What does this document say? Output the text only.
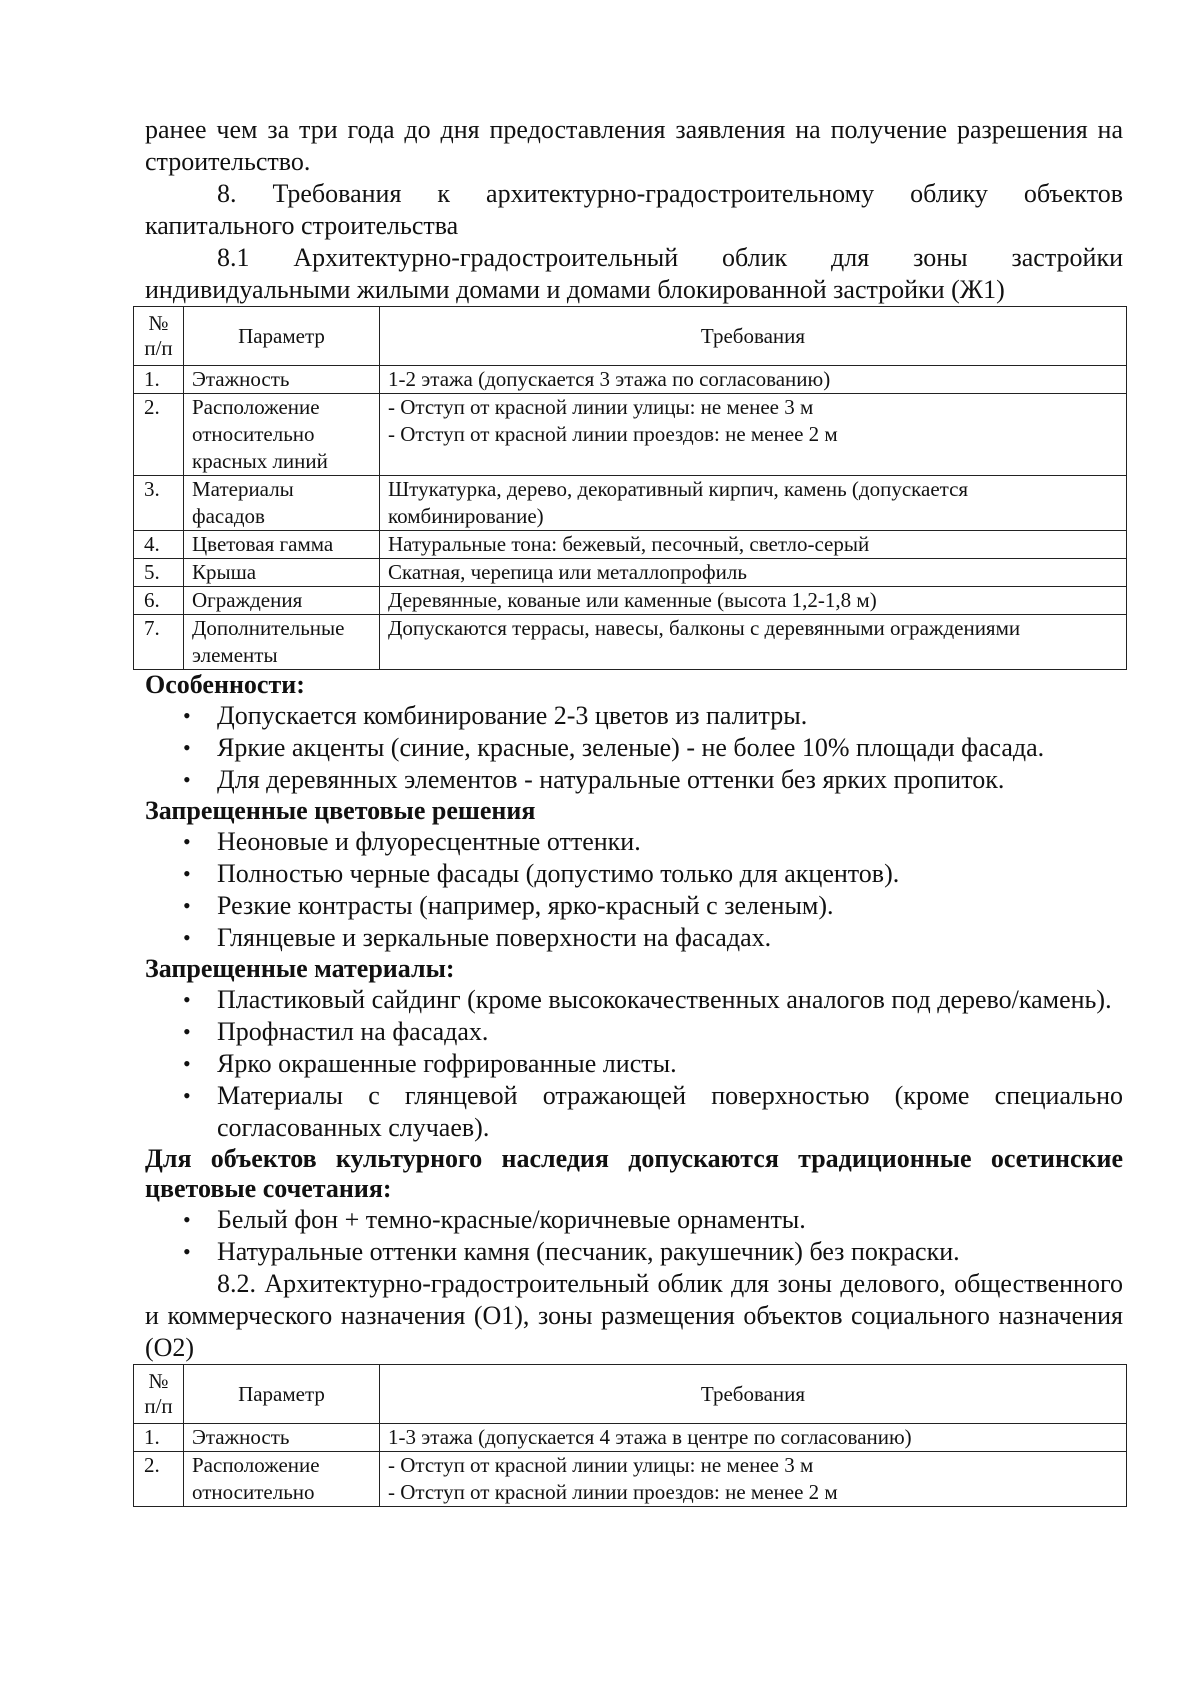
ранее чем за три года до дня предоставления заявления на получение разрешения на строительство.

8. Требования к архитектурно-градостроительному облику объектов капитального строительства

8.1 Архитектурно-градостроительный облик для зоны застройки индивидуальными жилыми домами и домами блокированной застройки (Ж1)

№ п/п	Параметр	Требования
1.	Этажность	1-2 этажа (допускается 3 этажа по согласованию)
2.	Расположение относительно красных линий	- Отступ от красной линии улицы: не менее 3 м
- Отступ от красной линии проездов: не менее 2 м

3.	Материалы фасадов	Штукатурка, дерево, декоративный кирпич, камень (допускается комбинирование)
4.	Цветовая гамма	Натуральные тона: бежевый, песочный, светло-серый
5.	Крыша	Скатная, черепица или металлопрофиль
6.	Ограждения	Деревянные, кованые или каменные (высота 1,2-1,8 м)
7.	Дополнительные элементы	Допускаются террасы, навесы, балконы с деревянными ограждениями
Особенности:
• Допускается комбинирование 2-3 цветов из палитры.
• Яркие акценты (синие, красные, зеленые) - не более 10% площади фасада.
• Для деревянных элементов - натуральные оттенки без ярких пропиток.
Запрещенные цветовые решения
• Неоновые и флуоресцентные оттенки.
• Полностью черные фасады (допустимо только для акцентов).
• Резкие контрасты (например, ярко-красный с зеленым).
• Глянцевые и зеркальные поверхности на фасадах.
Запрещенные материалы:
• Пластиковый сайдинг (кроме высококачественных аналогов под дерево/камень).
• Профнастил на фасадах.
• Ярко окрашенные гофрированные листы.
• Материалы с глянцевой отражающей поверхностью (кроме специально согласованных случаев).
Для объектов культурного наследия допускаются традиционные осетинские цветовые сочетания:
• Белый фон + темно-красные/коричневые орнаменты.
• Натуральные оттенки камня (песчаник, ракушечник) без покраски.

8.2. Архитектурно-градостроительный облик для зоны делового, общественного и коммерческого назначения (О1), зоны размещения объектов социального назначения (О2)

№ п/п	Параметр	Требования
1.	Этажность	1-3 этажа (допускается 4 этажа в центре по согласованию)
2.	Расположение относительно	- Отступ от красной линии улицы: не менее 3 м
- Отступ от красной линии проездов: не менее 2 м
